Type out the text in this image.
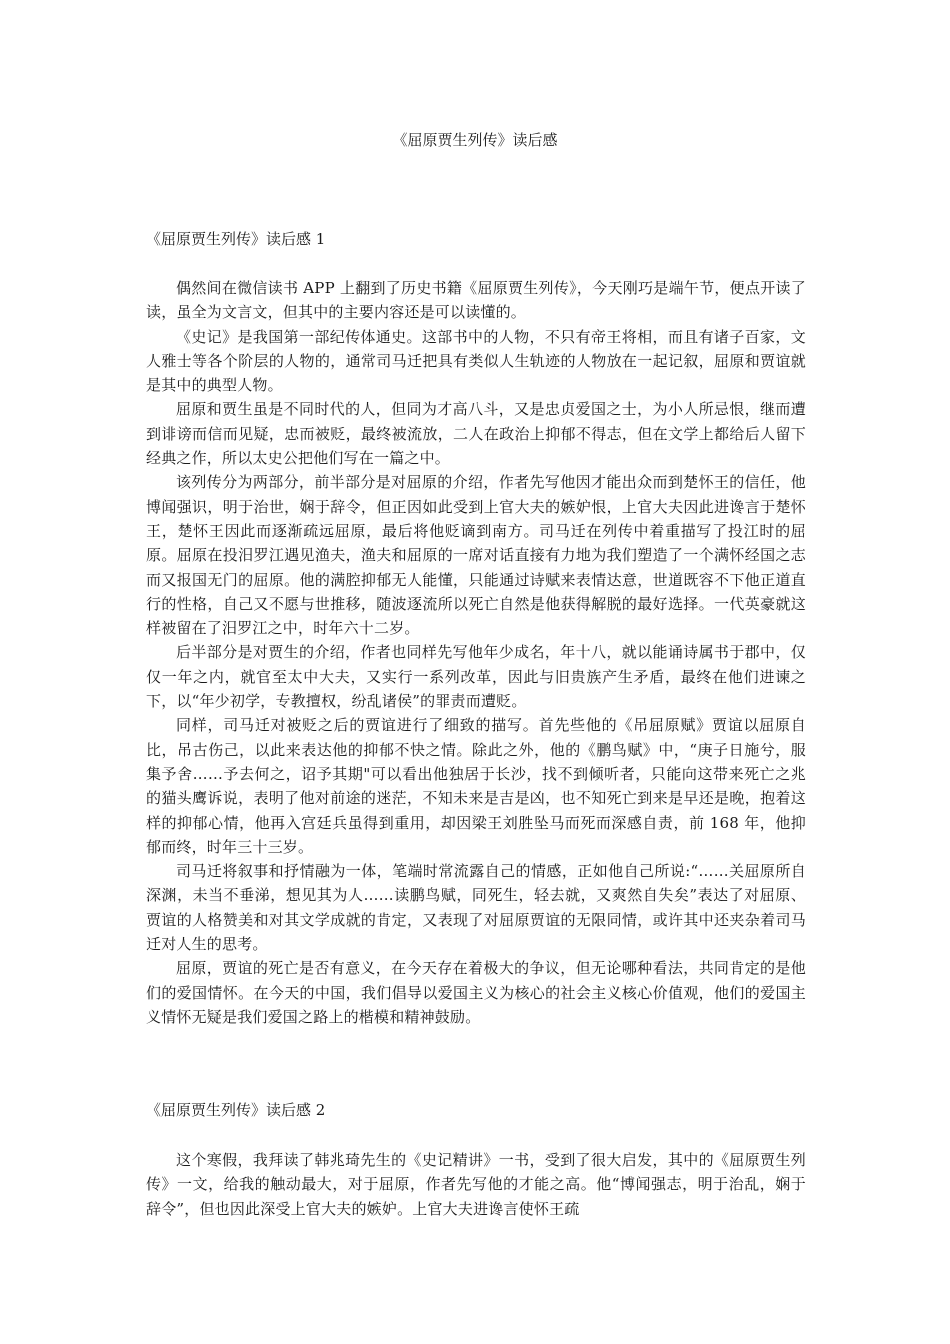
《屈原贾生列传》读后感
《屈原贾生列传》读后感 1

偶然间在微信读书 APP 上翻到了历史书籍《屈原贾生列传》，今天刚巧是端午节，便点开读了读，虽全为文言文，但其中的主要内容还是可以读懂的。

《史记》是我国第一部纪传体通史。这部书中的人物，不只有帝王将相，而且有诸子百家，文人雅士等各个阶层的人物的，通常司马迁把具有类似人生轨迹的人物放在一起记叙，屈原和贾谊就是其中的典型人物。

屈原和贾生虽是不同时代的人，但同为才高八斗，又是忠贞爱国之士，为小人所忌恨，继而遭到诽谤而信而见疑，忠而被贬，最终被流放，二人在政治上抑郁不得志，但在文学上都给后人留下经典之作，所以太史公把他们写在一篇之中。

该列传分为两部分，前半部分是对屈原的介绍，作者先写他因才能出众而到楚怀王的信任，他博闻强识，明于治世，娴于辞令，但正因如此受到上官大夫的嫉妒恨，上官大夫因此进谗言于楚怀王，楚怀王因此而逐渐疏远屈原，最后将他贬谪到南方。司马迁在列传中着重描写了投江时的屈原。屈原在投汨罗江遇见渔夫，渔夫和屈原的一席对话直接有力地为我们塑造了一个满怀经国之志而又报国无门的屈原。他的满腔抑郁无人能懂，只能通过诗赋来表情达意，世道既容不下他正道直行的性格，自己又不愿与世推移，随波逐流所以死亡自然是他获得解脱的最好选择。一代英豪就这样被留在了汨罗江之中，时年六十二岁。

后半部分是对贾生的介绍，作者也同样先写他年少成名，年十八，就以能诵诗属书于郡中，仅仅一年之内，就官至太中大夫，又实行一系列改革，因此与旧贵族产生矛盾，最终在他们进谏之下，以“年少初学，专教擅权，纷乱诸侯”的罪责而遭贬。

同样，司马迁对被贬之后的贾谊进行了细致的描写。首先些他的《吊屈原赋》贾谊以屈原自比，吊古伤己，以此来表达他的抑郁不快之情。除此之外，他的《鹏鸟赋》中，“庚子日施兮，服集予舍……予去何之，诏予其期"可以看出他独居于长沙，找不到倾听者，只能向这带来死亡之兆的猫头鹰诉说，表明了他对前途的迷茫，不知未来是吉是凶，也不知死亡到来是早还是晚，抱着这样的抑郁心情，他再入宫廷兵虽得到重用，却因梁王刘胜坠马而死而深感自责，前 168 年，他抑郁而终，时年三十三岁。

司马迁将叙事和抒情融为一体，笔端时常流露自己的情感，正如他自己所说:“……关屈原所自深渊，未当不垂涕，想见其为人……读鹏鸟赋，同死生，轻去就，又爽然自失矣”表达了对屈原、贾谊的人格赞美和对其文学成就的肯定，又表现了对屈原贾谊的无限同情，或许其中还夹杂着司马迁对人生的思考。

屈原，贾谊的死亡是否有意义，在今天存在着极大的争议，但无论哪种看法，共同肯定的是他们的爱国情怀。在今天的中国，我们倡导以爱国主义为核心的社会主义核心价值观，他们的爱国主义情怀无疑是我们爱国之路上的楷模和精神鼓励。

《屈原贾生列传》读后感 2

这个寒假，我拜读了韩兆琦先生的《史记精讲》一书，受到了很大启发，其中的《屈原贾生列传》一文，给我的触动最大，对于屈原，作者先写他的才能之高。他“博闻强志，明于治乱，娴于辞令”，但也因此深受上官大夫的嫉妒。上官大夫进谗言使怀王疏
